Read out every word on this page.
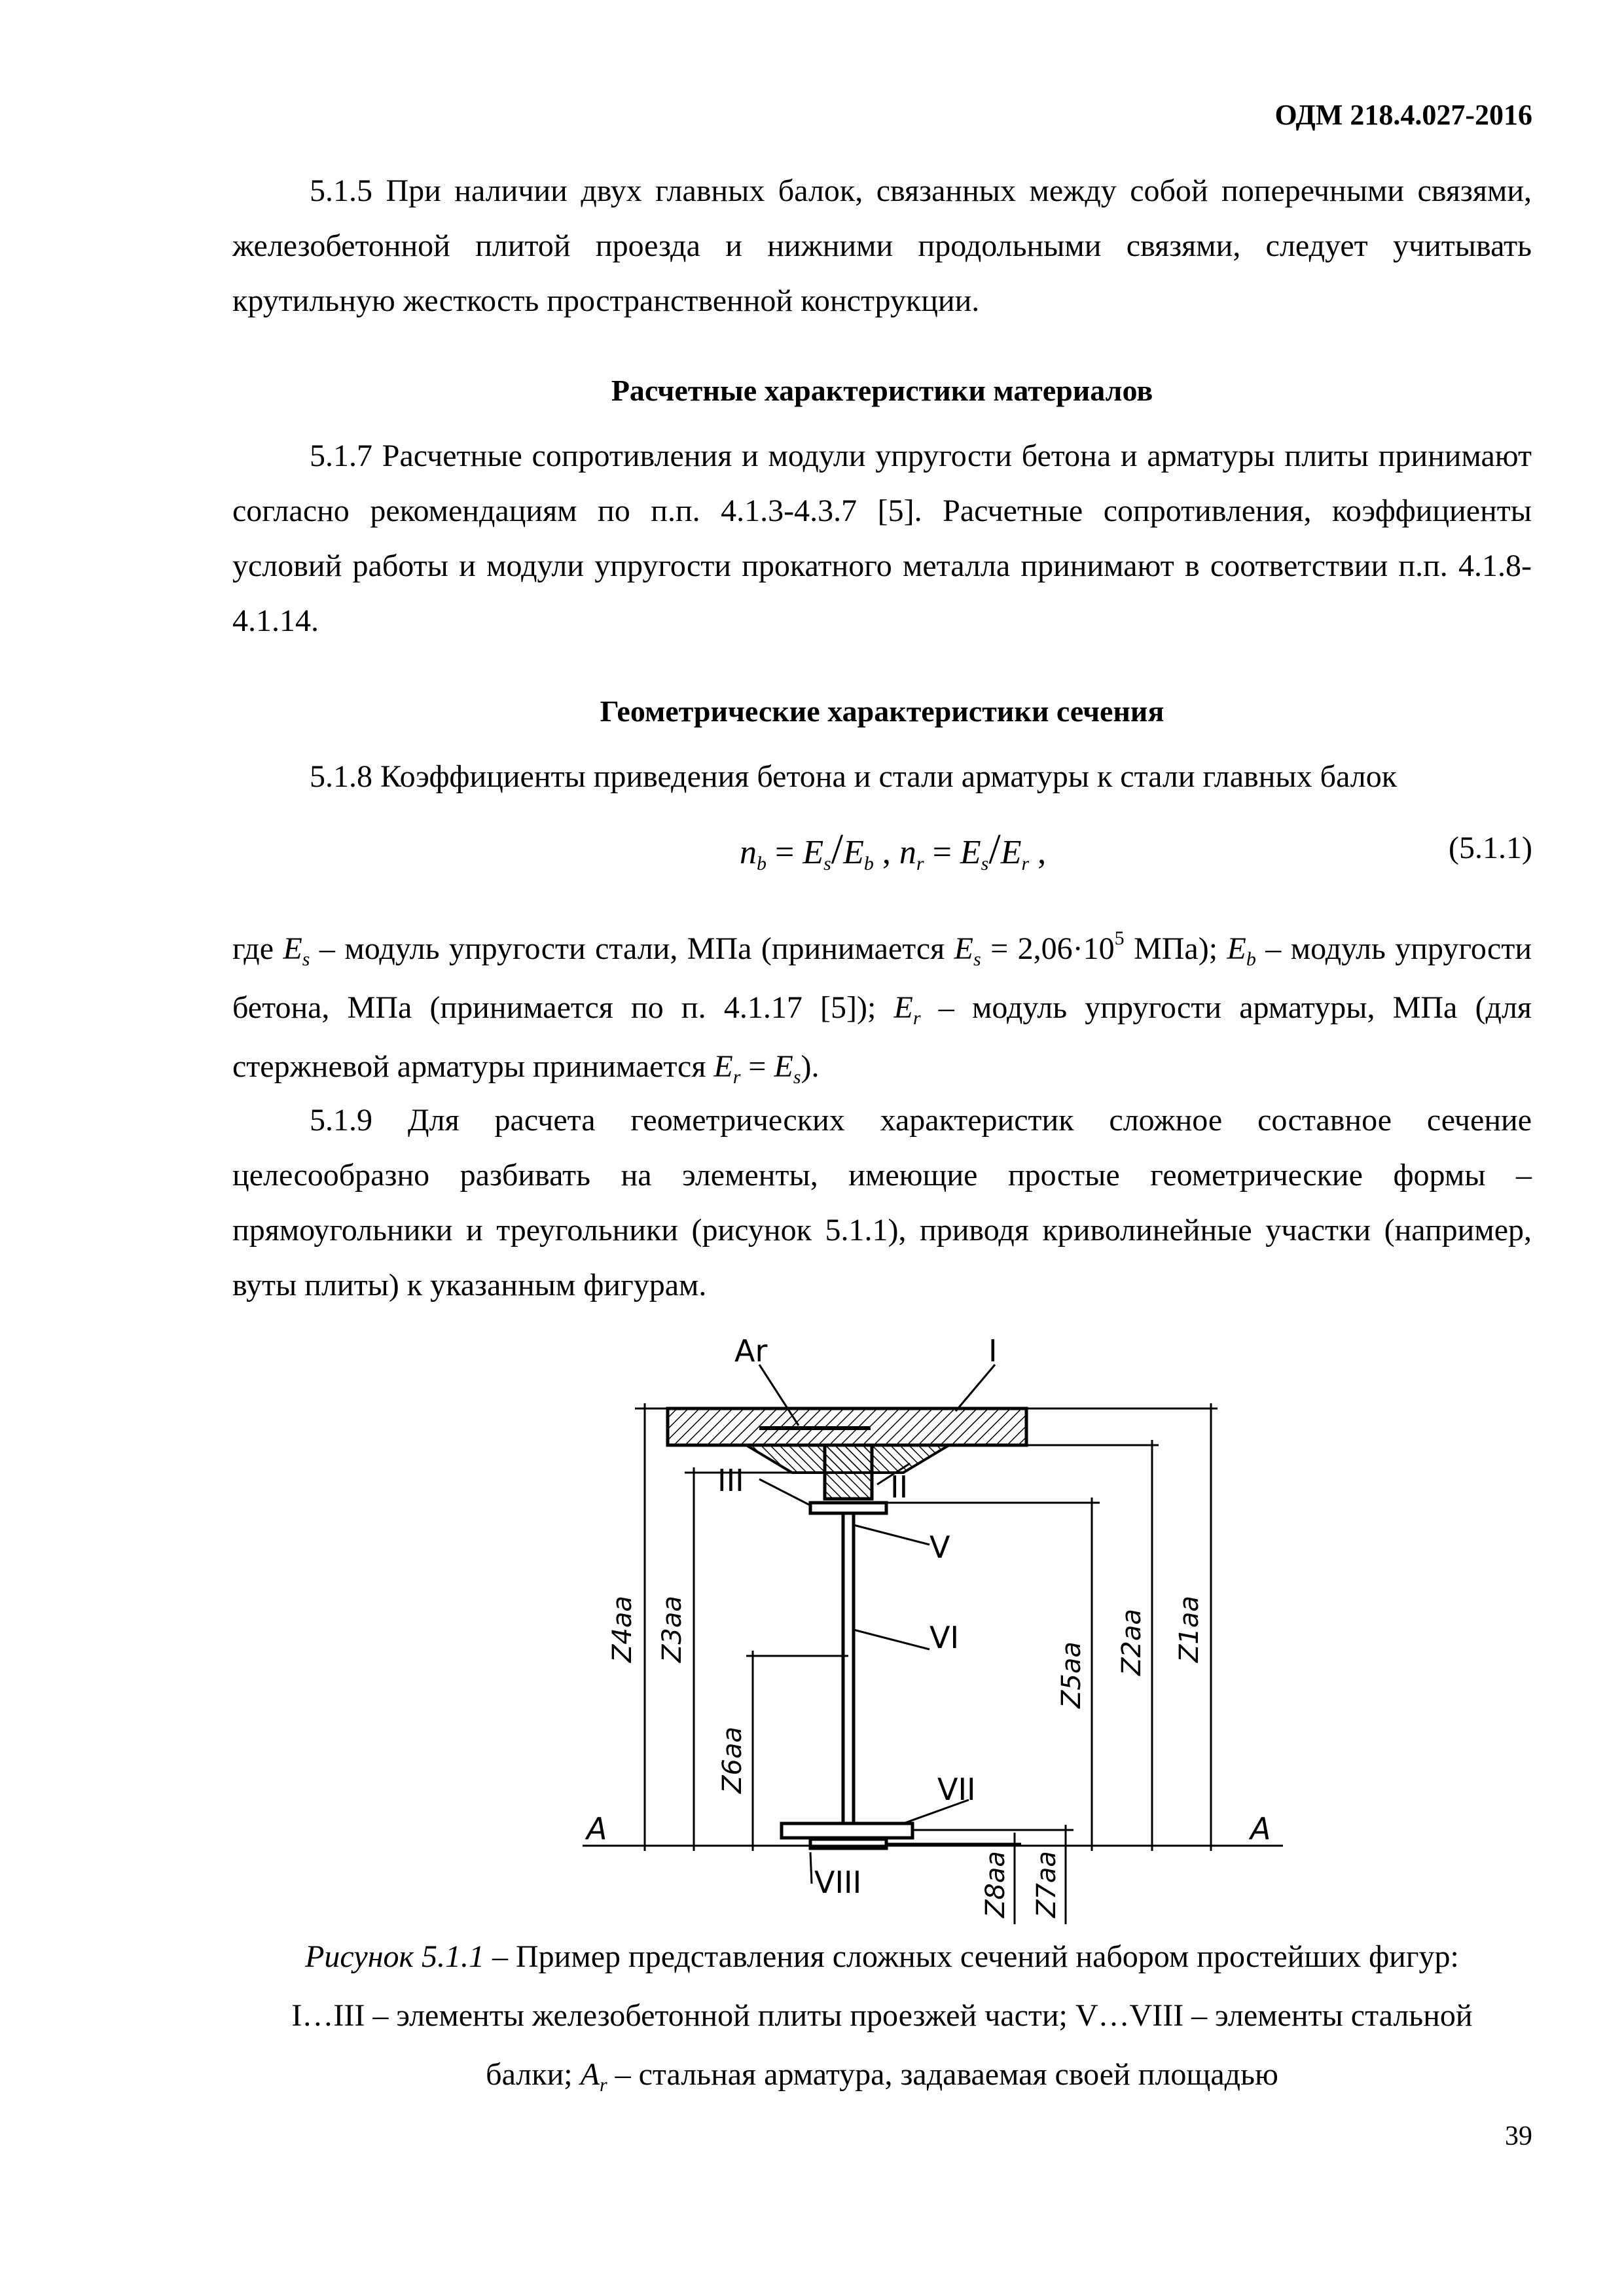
ОДМ 218.4.027-2016

5.1.5 При наличии двух главных балок, связанных между собой поперечными связями, железобетонной плитой проезда и нижними продольными связями, следует учитывать крутильную жесткость пространственной конструкции.

Расчетные характеристики материалов

5.1.7 Расчетные сопротивления и модули упругости бетона и арматуры плиты принимают согласно рекомендациям по п.п. 4.1.3-4.3.7 [5]. Расчетные сопротивления, коэффициенты условий работы и модули упругости прокатного металла принимают в соответствии п.п. 4.1.8-4.1.14.

Геометрические характеристики сечения

5.1.8 Коэффициенты приведения бетона и стали арматуры к стали главных балок

$n_b = E_s/E_b$ , $n_r = E_s/E_r$ ,	(5.1.1)

где $E_s$ – модуль упругости стали, МПа (принимается $E_s = 2,06\cdot 10^5$ МПа); $E_b$ – модуль упругости бетона, МПа (принимается по п. 4.1.17 [5]); $E_r$ – модуль упругости арматуры, МПа (для стержневой арматуры принимается $E_r = E_s$).

5.1.9 Для расчета геометрических характеристик сложное составное сечение целесообразно разбивать на элементы, имеющие простые геометрические формы – прямоугольники и треугольники (рисунок 5.1.1), приводя криволинейные участки (например, вуты плиты) к указанным фигурам.

Ar	I
II
III
V
VI
VII
VIII
A	A
Z4aa Z3aa
Z6aa
Z5aa Z2aa Z1aa
Z8aa Z7aa
Рисунок 5.1.1 – Пример представления сложных сечений набором простейших фигур:
I…III – элементы железобетонной плиты проезжей части; V…VIII – элементы стальной
балки; $A_r$ – стальная арматура, задаваемая своей площадью
39
